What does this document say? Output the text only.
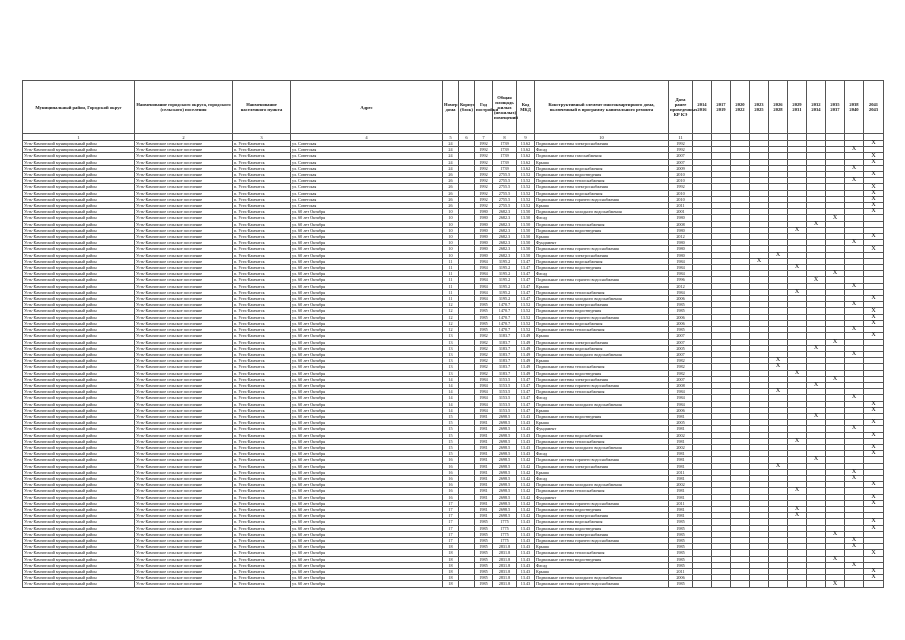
Муниципальный район, Городской округ	Наименование городского округа, городского (сельского) поселения	Наименование населенного пункта	Адрес	Номер дома	Корпус (блок)	Год постройки	Общая площадь жилых (нежилых) помещений	Код МКД	Конструктивный элемент многоквартирного дома, включенный в программу капитального ремонта	Дата ранее проведенных КР КЭ	2014 2016	2017 2019	2020 2022	2023 2025	2026 2028	2029 2031	2032 2034	2035 2037	2038 2040	2041 2043
1	2	3	4	5	6	7	8	9	10	11										
Усть-Камчатский муниципальный район	Усть-Камчатское сельское поселение	п. Усть-Камчатск	ул. Советская	24		1992	1739	13.62	Подвальные системы электроснабжения	1992										X
Усть-Камчатский муниципальный район	Усть-Камчатское сельское поселение	п. Усть-Камчатск	ул. Советская	24		1992	1739	13.62	Фасад	1992									X	
Усть-Камчатский муниципальный район	Усть-Камчатское сельское поселение	п. Усть-Камчатск	ул. Советская	24		1992	1739	13.62	Подвальные системы газоснабжения	2007										X
Усть-Камчатский муниципальный район	Усть-Камчатское сельское поселение	п. Усть-Камчатск	ул. Советская	24		1992	1739	13.62	Крыша	2007										X
Усть-Камчатский муниципальный район	Усть-Камчатское сельское поселение	п. Усть-Камчатск	ул. Советская	24		1992	1739	13.62	Подвальные системы водоснабжения	2009									X	
Усть-Камчатский муниципальный район	Усть-Камчатское сельское поселение	п. Усть-Камчатск	ул. Советская	26		1992	2755.5	13.52	Подвальные системы водоотведения	2010										X
Усть-Камчатский муниципальный район	Усть-Камчатское сельское поселение	п. Усть-Камчатск	ул. Советская	26		1992	2755.5	13.52	Подвальные системы теплоснабжения	2010									X	
Усть-Камчатский муниципальный район	Усть-Камчатское сельское поселение	п. Усть-Камчатск	ул. Советская	26		1992	2755.5	13.52	Подвальные системы электроснабжения	1992										X
Усть-Камчатский муниципальный район	Усть-Камчатское сельское поселение	п. Усть-Камчатск	ул. Советская	26		1992	2755.5	13.52	Подвальные системы водоснабжения	2010										X
Усть-Камчатский муниципальный район	Усть-Камчатское сельское поселение	п. Усть-Камчатск	ул. Советская	26		1992	2755.5	13.52	Подвальные системы горячего водоснабжения	2010										X
Усть-Камчатский муниципальный район	Усть-Камчатское сельское поселение	п. Усть-Камчатск	ул. Советская	26		1992	2755.5	13.52	Крыша	2011										X
Усть-Камчатский муниципальный район	Усть-Камчатское сельское поселение	п. Усть-Камчатск	ул. 60 лет Октября	10		1980	2682.3	13.50	Подвальные системы холодного водоснабжения	2001										X
Усть-Камчатский муниципальный район	Усть-Камчатское сельское поселение	п. Усть-Камчатск	ул. 60 лет Октября	10		1980	2682.3	13.50	Фасад	1980								X		
Усть-Камчатский муниципальный район	Усть-Камчатское сельское поселение	п. Усть-Камчатск	ул. 60 лет Октября	10		1980	2682.3	13.50	Подвальные системы теплоснабжения	2008							X			
Усть-Камчатский муниципальный район	Усть-Камчатское сельское поселение	п. Усть-Камчатск	ул. 60 лет Октября	10		1980	2682.3	13.50	Подвальные системы водоотведения	1980						X				
Усть-Камчатский муниципальный район	Усть-Камчатское сельское поселение	п. Усть-Камчатск	ул. 60 лет Октября	10		1980	2682.3	13.50	Крыша	2012										X
Усть-Камчатский муниципальный район	Усть-Камчатское сельское поселение	п. Усть-Камчатск	ул. 60 лет Октября	10		1980	2682.3	13.50	Фундамент	1980									X	
Усть-Камчатский муниципальный район	Усть-Камчатское сельское поселение	п. Усть-Камчатск	ул. 60 лет Октября	10		1980	2682.3	13.50	Подвальные системы горячего водоснабжения	1980										X
Усть-Камчатский муниципальный район	Усть-Камчатское сельское поселение	п. Усть-Камчатск	ул. 60 лет Октября	10		1980	2682.3	13.50	Подвальные системы электроснабжения	1980					X					
Усть-Камчатский муниципальный район	Усть-Камчатское сельское поселение	п. Усть-Камчатск	ул. 60 лет Октября	11		1984	3195.2	13.47	Подвальные системы водоснабжения	1984				X						
Усть-Камчатский муниципальный район	Усть-Камчатское сельское поселение	п. Усть-Камчатск	ул. 60 лет Октября	11		1984	3195.2	13.47	Подвальные системы водоотведения	1984						X				
Усть-Камчатский муниципальный район	Усть-Камчатское сельское поселение	п. Усть-Камчатск	ул. 60 лет Октября	11		1984	3195.2	13.47	Фасад	1984								X		
Усть-Камчатский муниципальный район	Усть-Камчатское сельское поселение	п. Усть-Камчатск	ул. 60 лет Октября	11		1984	3195.2	13.47	Подвальные системы горячего водоснабжения	1996							X			
Усть-Камчатский муниципальный район	Усть-Камчатское сельское поселение	п. Усть-Камчатск	ул. 60 лет Октября	11		1984	3195.2	13.47	Крыша	2012									X	
Усть-Камчатский муниципальный район	Усть-Камчатское сельское поселение	п. Усть-Камчатск	ул. 60 лет Октября	11		1984	3195.2	13.47	Подвальные системы теплоснабжения	1984						X				
Усть-Камчатский муниципальный район	Усть-Камчатское сельское поселение	п. Усть-Камчатск	ул. 60 лет Октября	11		1984	3195.2	13.47	Подвальные системы холодного водоснабжения	2006										X
Усть-Камчатский муниципальный район	Усть-Камчатское сельское поселение	п. Усть-Камчатск	ул. 60 лет Октября	12		1985	1470.7	13.52	Подвальные системы электроснабжения	1985									X	
Усть-Камчатский муниципальный район	Усть-Камчатское сельское поселение	п. Усть-Камчатск	ул. 60 лет Октября	12		1985	1470.7	13.52	Подвальные системы водоотведения	1985										X
Усть-Камчатский муниципальный район	Усть-Камчатское сельское поселение	п. Усть-Камчатск	ул. 60 лет Октября	12		1985	1470.7	13.52	Подвальные системы горячего водоснабжения	2006										X
Усть-Камчатский муниципальный район	Усть-Камчатское сельское поселение	п. Усть-Камчатск	ул. 60 лет Октября	12		1985	1470.7	13.52	Подвальные системы водоснабжения	2006										X
Усть-Камчатский муниципальный район	Усть-Камчатское сельское поселение	п. Усть-Камчатск	ул. 60 лет Октября	12		1985	1470.7	13.52	Подвальные системы теплоснабжения	1985									X	
Усть-Камчатский муниципальный район	Усть-Камчатское сельское поселение	п. Усть-Камчатск	ул. 60 лет Октября	13		1982	3183.7	13.49	Крыша	2007										X
Усть-Камчатский муниципальный район	Усть-Камчатское сельское поселение	п. Усть-Камчатск	ул. 60 лет Октября	13		1982	3183.7	13.49	Подвальные системы электроснабжения	2007								X		
Усть-Камчатский муниципальный район	Усть-Камчатское сельское поселение	п. Усть-Камчатск	ул. 60 лет Октября	13		1982	3183.7	13.49	Подвальные системы водоснабжения	2005							X			
Усть-Камчатский муниципальный район	Усть-Камчатское сельское поселение	п. Усть-Камчатск	ул. 60 лет Октября	13		1982	3183.7	13.49	Подвальные системы холодного водоснабжения	2007									X	
Усть-Камчатский муниципальный район	Усть-Камчатское сельское поселение	п. Усть-Камчатск	ул. 60 лет Октября	13		1982	3183.7	13.49	Крыша	1982					X					
Усть-Камчатский муниципальный район	Усть-Камчатское сельское поселение	п. Усть-Камчатск	ул. 60 лет Октября	13		1982	3183.7	13.49	Подвальные системы теплоснабжения	1982					X					
Усть-Камчатский муниципальный район	Усть-Камчатское сельское поселение	п. Усть-Камчатск	ул. 60 лет Октября	13		1982	3183.7	13.49	Подвальные системы водоотведения	1982						X				
Усть-Камчатский муниципальный район	Усть-Камчатское сельское поселение	п. Усть-Камчатск	ул. 60 лет Октября	14		1984	3153.5	13.47	Подвальные системы электроснабжения	2007								X		
Усть-Камчатский муниципальный район	Усть-Камчатское сельское поселение	п. Усть-Камчатск	ул. 60 лет Октября	14		1984	3153.5	13.47	Подвальные системы горячего водоснабжения	2008							X			
Усть-Камчатский муниципальный район	Усть-Камчатское сельское поселение	п. Усть-Камчатск	ул. 60 лет Октября	14		1984	3153.5	13.47	Подвальные системы теплоснабжения	1984					X					
Усть-Камчатский муниципальный район	Усть-Камчатское сельское поселение	п. Усть-Камчатск	ул. 60 лет Октября	14		1984	3153.5	13.47	Фасад	1984									X	
Усть-Камчатский муниципальный район	Усть-Камчатское сельское поселение	п. Усть-Камчатск	ул. 60 лет Октября	14		1984	3153.5	13.47	Подвальные системы холодного водоснабжения	1984										X
Усть-Камчатский муниципальный район	Усть-Камчатское сельское поселение	п. Усть-Камчатск	ул. 60 лет Октября	14		1984	3153.5	13.47	Крыша	2006										X
Усть-Камчатский муниципальный район	Усть-Камчатское сельское поселение	п. Усть-Камчатск	ул. 60 лет Октября	15		1981	2698.5	13.43	Подвальные системы водоотведения	1981							X			
Усть-Камчатский муниципальный район	Усть-Камчатское сельское поселение	п. Усть-Камчатск	ул. 60 лет Октября	15		1981	2698.5	13.43	Крыша	2005										X
Усть-Камчатский муниципальный район	Усть-Камчатское сельское поселение	п. Усть-Камчатск	ул. 60 лет Октября	15		1981	2698.5	13.43	Фундамент	1981									X	
Усть-Камчатский муниципальный район	Усть-Камчатское сельское поселение	п. Усть-Камчатск	ул. 60 лет Октября	15		1981	2698.5	13.43	Подвальные системы водоснабжения	2002										X
Усть-Камчатский муниципальный район	Усть-Камчатское сельское поселение	п. Усть-Камчатск	ул. 60 лет Октября	15		1981	2698.5	13.43	Подвальные системы теплоснабжения	1981						X				
Усть-Камчатский муниципальный район	Усть-Камчатское сельское поселение	п. Усть-Камчатск	ул. 60 лет Октября	15		1981	2698.5	13.43	Подвальные системы холодного водоснабжения	2002										X
Усть-Камчатский муниципальный район	Усть-Камчатское сельское поселение	п. Усть-Камчатск	ул. 60 лет Октября	15		1981	2698.5	13.43	Фасад	1981										X
Усть-Камчатский муниципальный район	Усть-Камчатское сельское поселение	п. Усть-Камчатск	ул. 60 лет Октября	16		1981	2698.5	13.42	Подвальные системы горячего водоснабжения	1981							X			
Усть-Камчатский муниципальный район	Усть-Камчатское сельское поселение	п. Усть-Камчатск	ул. 60 лет Октября	16		1981	2698.5	13.42	Подвальные системы электроснабжения	1981					X					
Усть-Камчатский муниципальный район	Усть-Камчатское сельское поселение	п. Усть-Камчатск	ул. 60 лет Октября	16		1981	2698.5	13.42	Крыша	2011									X	
Усть-Камчатский муниципальный район	Усть-Камчатское сельское поселение	п. Усть-Камчатск	ул. 60 лет Октября	16		1981	2698.5	13.42	Фасад	1981									X	
Усть-Камчатский муниципальный район	Усть-Камчатское сельское поселение	п. Усть-Камчатск	ул. 60 лет Октября	16		1981	2698.5	13.42	Подвальные системы холодного водоснабжения	2002										X
Усть-Камчатский муниципальный район	Усть-Камчатское сельское поселение	п. Усть-Камчатск	ул. 60 лет Октября	16		1981	2698.5	13.42	Подвальные системы теплоснабжения	1981						X				
Усть-Камчатский муниципальный район	Усть-Камчатское сельское поселение	п. Усть-Камчатск	ул. 60 лет Октября	16		1981	2698.5	13.42	Фундамент	1981										X
Усть-Камчатский муниципальный район	Усть-Камчатское сельское поселение	п. Усть-Камчатск	ул. 60 лет Октября	17		1981	2698.5	13.42	Подвальные системы горячего водоснабжения	2011										X
Усть-Камчатский муниципальный район	Усть-Камчатское сельское поселение	п. Усть-Камчатск	ул. 60 лет Октября	17		1981	2698.5	13.42	Подвальные системы водоотведения	1981						X				
Усть-Камчатский муниципальный район	Усть-Камчатское сельское поселение	п. Усть-Камчатск	ул. 60 лет Октября	17		1981	2698.5	13.42	Подвальные системы электроснабжения	1981						X				
Усть-Камчатский муниципальный район	Усть-Камчатское сельское поселение	п. Усть-Камчатск	ул. 60 лет Октября	17		1985	1775	13.43	Подвальные системы водоснабжения	1985										X
Усть-Камчатский муниципальный район	Усть-Камчатское сельское поселение	п. Усть-Камчатск	ул. 60 лет Октября	17		1985	1775	13.43	Подвальные системы водоотведения	1985										X
Усть-Камчатский муниципальный район	Усть-Камчатское сельское поселение	п. Усть-Камчатск	ул. 60 лет Октября	17		1985	1775	13.43	Подвальные системы электроснабжения	1985								X		
Усть-Камчатский муниципальный район	Усть-Камчатское сельское поселение	п. Усть-Камчатск	ул. 60 лет Октября	17		1985	1775	13.43	Подвальные системы горячего водоснабжения	1985									X	
Усть-Камчатский муниципальный район	Усть-Камчатское сельское поселение	п. Усть-Камчатск	ул. 60 лет Октября	18		1985	2831.8	13.43	Крыша	1985									X	
Усть-Камчатский муниципальный район	Усть-Камчатское сельское поселение	п. Усть-Камчатск	ул. 60 лет Октября	18		1985	2831.8	13.43	Подвальные системы теплоснабжения	1985										X
Усть-Камчатский муниципальный район	Усть-Камчатское сельское поселение	п. Усть-Камчатск	ул. 60 лет Октября	18		1985	2831.8	13.43	Подвальные системы водоотведения	1985								X		
Усть-Камчатский муниципальный район	Усть-Камчатское сельское поселение	п. Усть-Камчатск	ул. 60 лет Октября	18		1985	2831.8	13.43	Фасад	1985									X	
Усть-Камчатский муниципальный район	Усть-Камчатское сельское поселение	п. Усть-Камчатск	ул. 60 лет Октября	18		1985	2831.8	13.43	Крыша	2011										X
Усть-Камчатский муниципальный район	Усть-Камчатское сельское поселение	п. Усть-Камчатск	ул. 60 лет Октября	18		1985	2831.8	13.43	Подвальные системы холодного водоснабжения	2006										X
Усть-Камчатский муниципальный район	Усть-Камчатское сельское поселение	п. Усть-Камчатск	ул. 60 лет Октября	18		1985	2831.8	13.43	Подвальные системы горячего водоснабжения	1985								X		
